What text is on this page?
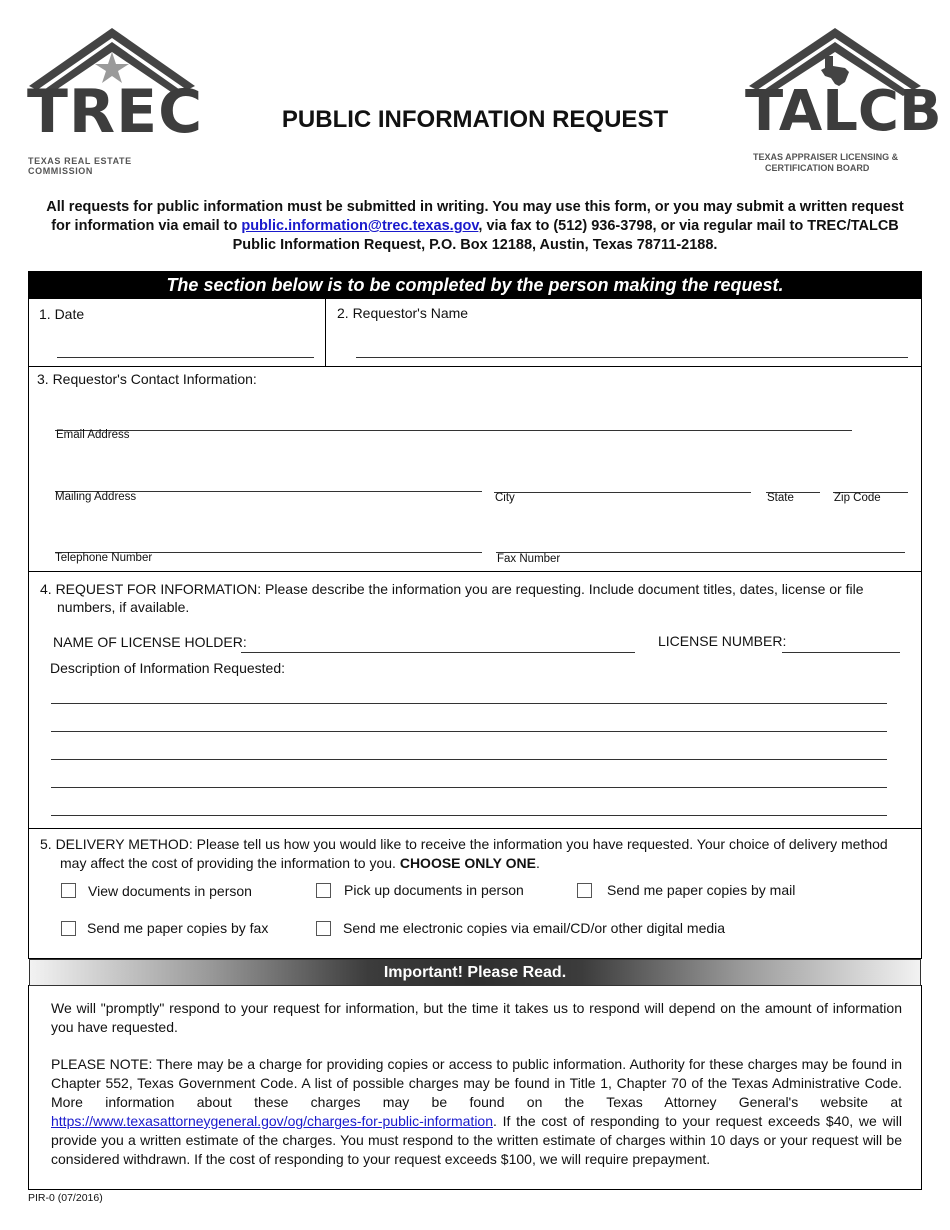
TREC
TEXAS REAL ESTATE COMMISSION
PUBLIC INFORMATION REQUEST	TALCB
TEXAS APPRAISER LICENSING &
CERTIFICATION BOARD
All requests for public information must be submitted in writing. You may use this form, or you may submit a written request for information via email to public.information@trec.texas.gov, via fax to (512) 936-3798, or via regular mail to TREC/TALCB Public Information Request, P.O. Box 12188, Austin, Texas 78711-2188.
The section below is to be completed by the person making the request.
1. Date	2. Requestor's Name
3. Requestor's Contact Information:
Email Address
Mailing Address	City	State	Zip Code
Telephone Number	Fax Number
4. REQUEST FOR INFORMATION: Please describe the information you are requesting. Include document titles, dates, license or file
numbers, if available.
NAME OF LICENSE HOLDER:	LICENSE NUMBER:
Description of Information Requested:
5. DELIVERY METHOD: Please tell us how you would like to receive the information you have requested. Your choice of delivery method
may affect the cost of providing the information to you. CHOOSE ONLY ONE.
View documents in person	Pick up documents in person	Send me paper copies by mail
Send me paper copies by fax	Send me electronic copies via email/CD/or other digital media
Important! Please Read.
We will "promptly" respond to your request for information, but the time it takes us to respond will depend on the amount of information you have requested.
PLEASE NOTE: There may be a charge for providing copies or access to public information. Authority for these charges may be found in Chapter 552, Texas Government Code. A list of possible charges may be found in Title 1, Chapter 70 of the Texas Administrative Code. More information about these charges may be found on the Texas Attorney General's website at https://www.texasattorneygeneral.gov/og/charges-for-public-information. If the cost of responding to your request exceeds $40, we will provide you a written estimate of the charges. You must respond to the written estimate of charges within 10 days or your request will be considered withdrawn. If the cost of responding to your request exceeds $100, we will require prepayment.
PIR-0 (07/2016)
